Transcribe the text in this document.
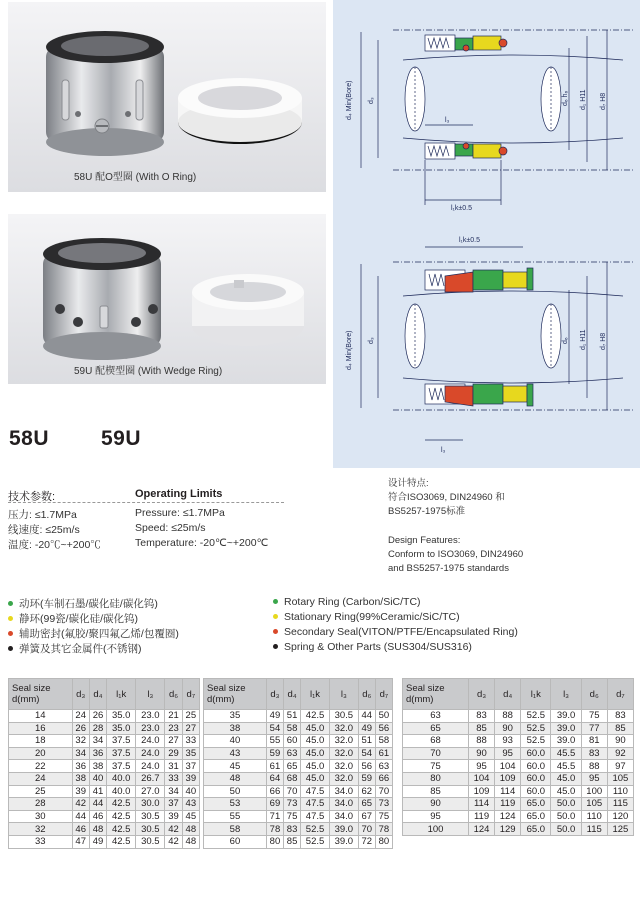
58U 配O型圈 (With O Ring)
59U 配楔型圈 (With Wedge Ring)
d₄ Min(Bore) d₃	d₆ h₆ d₁ H11 d₇ H8
l₃
l₁k±0.5
l₁k±0.5
d₄ Min(Bore) d₃	d₆ d₁ H11 d₇ H8
l₃
58U 59U
技术参数:	Operating Limits
压力: ≤1.7MPa	Pressure: ≤1.7MPa
线速度: ≤25m/s	Speed: ≤25m/s
温度: -20℃~+200℃	Temperature: -20℃~+200℃
设计特点:
符合ISO3069, DIN24960 和
BS5257-1975标准
Design Features:
Conform to ISO3069, DIN24960
and BS5257-1975 standards
动环(车制石墨/碳化硅/碳化钨)
静环(99瓷/碳化硅/碳化钨)
辅助密封(氟胶/聚四氟乙烯/包覆圈)
弹簧及其它金属件(不锈钢)
Rotary Ring (Carbon/SiC/TC)
Stationary Ring(99%Ceramic/SiC/TC)
Secondary Seal(VITON/PTFE/Encapsulated Ring)
Spring & Other Parts (SUS304/SUS316)
Seal size
d(mm)	d₃	d₄	l₁k	l₃	d₆	d₇
14	24	26	35.0	23.0	21	25
16	26	28	35.0	23.0	23	27
18	32	34	37.5	24.0	27	33
20	34	36	37.5	24.0	29	35
22	36	38	37.5	24.0	31	37
24	38	40	40.0	26.7	33	39
25	39	41	40.0	27.0	34	40
28	42	44	42.5	30.0	37	43
30	44	46	42.5	30.5	39	45
32	46	48	42.5	30.5	42	48
33	47	49	42.5	30.5	42	48
Seal size
d(mm)	d₃	d₄	l₁k	l₃	d₆	d₇
35	49	51	42.5	30.5	44	50
38	54	58	45.0	32.0	49	56
40	55	60	45.0	32.0	51	58
43	59	63	45.0	32.0	54	61
45	61	65	45.0	32.0	56	63
48	64	68	45.0	32.0	59	66
50	66	70	47.5	34.0	62	70
53	69	73	47.5	34.0	65	73
55	71	75	47.5	34.0	67	75
58	78	83	52.5	39.0	70	78
60	80	85	52.5	39.0	72	80
Seal size
d(mm)	d₃	d₄	l₁k	l₃	d₆	d₇
63	83	88	52.5	39.0	75	83
65	85	90	52.5	39.0	77	85
68	88	93	52.5	39.0	81	90
70	90	95	60.0	45.5	83	92
75	95	104	60.0	45.5	88	97
80	104	109	60.0	45.0	95	105
85	109	114	60.0	45.0	100	110
90	114	119	65.0	50.0	105	115
95	119	124	65.0	50.0	110	120
100	124	129	65.0	50.0	115	125
